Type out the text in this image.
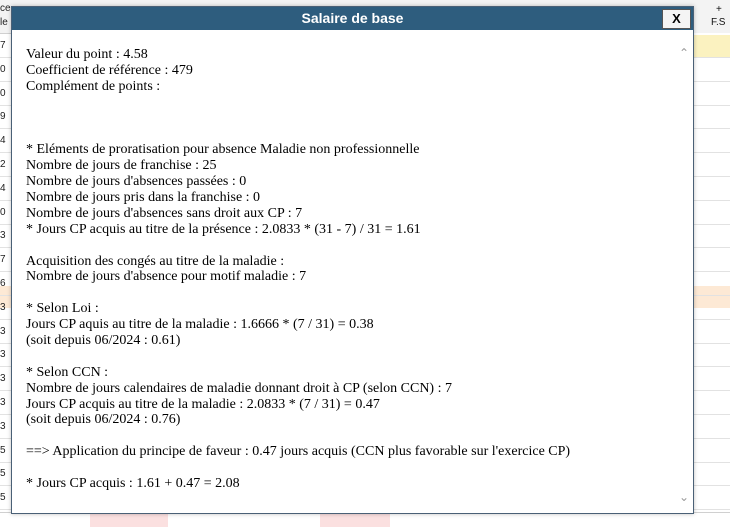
ce
le
+
F.S
7
0
0
9
4
2
4
0
3
7
6
3
3
3
3
3
3
5
5
5
Salaire de base	X
Valeur du point : 4.58
Coefficient de référence : 479
Complément de points :
* Eléments de proratisation pour absence Maladie non professionnelle
Nombre de jours de franchise : 25
Nombre de jours d'absences passées : 0
Nombre de jours pris dans la franchise : 0
Nombre de jours d'absences sans droit aux CP : 7
* Jours CP acquis au titre de la présence : 2.0833 * (31 - 7) / 31 = 1.61
Acquisition des congés au titre de la maladie :
Nombre de jours d'absence pour motif maladie : 7
* Selon Loi :
Jours CP aquis au titre de la maladie : 1.6666 * (7 / 31) = 0.38
(soit depuis 06/2024 : 0.61)
* Selon CCN :
Nombre de jours calendaires de maladie donnant droit à CP (selon CCN) : 7
Jours CP acquis au titre de la maladie : 2.0833 * (7 / 31) = 0.47
(soit depuis 06/2024 : 0.76)
==> Application du principe de faveur : 0.47 jours acquis (CCN plus favorable sur l'exercice CP)
* Jours CP acquis : 1.61 + 0.47 = 2.08
⌃
⌄
